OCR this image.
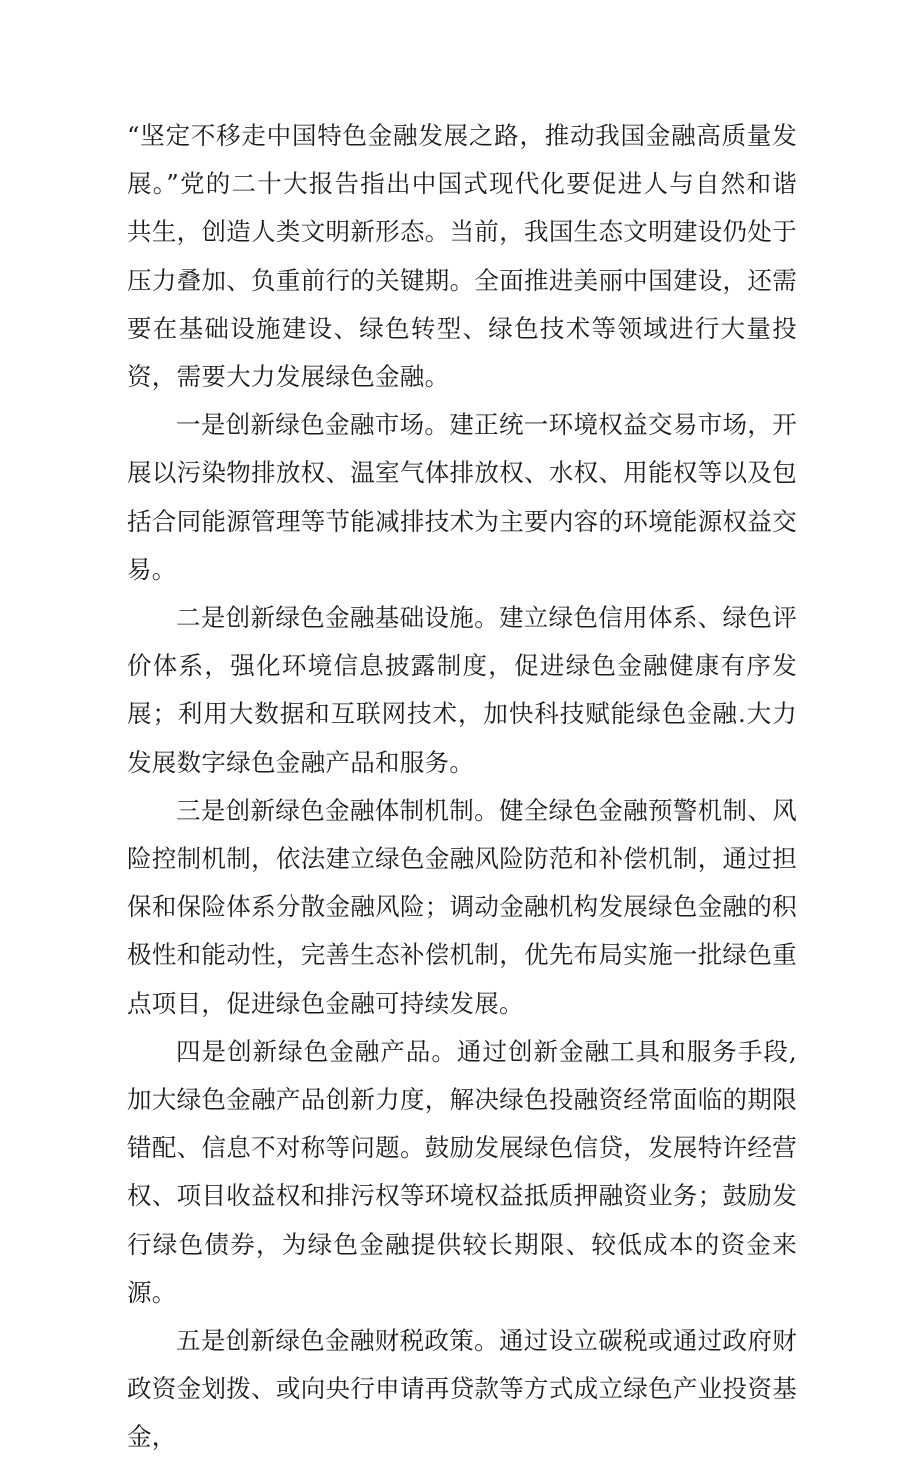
“坚定不移走中国特色金融发展之路，推动我国金融高质量发展。”党的二十大报告指出中国式现代化要促进人与自然和谐共生，创造人类文明新形态。当前，我国生态文明建设仍处于压力叠加、负重前行的关键期。全面推进美丽中国建设，还需要在基础设施建设、绿色转型、绿色技术等领域进行大量投资，需要大力发展绿色金融。

一是创新绿色金融市场。建正统一环境权益交易市场，开展以污染物排放权、温室气体排放权、水权、用能权等以及包括合同能源管理等节能减排技术为主要内容的环境能源权益交易。

二是创新绿色金融基础设施。建立绿色信用体系、绿色评价体系，强化环境信息披露制度，促进绿色金融健康有序发展；利用大数据和互联网技术，加快科技赋能绿色金融.大力发展数字绿色金融产品和服务。

三是创新绿色金融体制机制。健全绿色金融预警机制、风险控制机制，依法建立绿色金融风险防范和补偿机制，通过担保和保险体系分散金融风险；调动金融机构发展绿色金融的积极性和能动性，完善生态补偿机制，优先布局实施一批绿色重点项目，促进绿色金融可持续发展。

四是创新绿色金融产品。通过创新金融工具和服务手段,加大绿色金融产品创新力度，解决绿色投融资经常面临的期限错配、信息不对称等问题。鼓励发展绿色信贷，发展特许经营权、项目收益权和排污权等环境权益抵质押融资业务；鼓励发行绿色债券，为绿色金融提供较长期限、较低成本的资金来源。

五是创新绿色金融财税政策。通过设立碳税或通过政府财政资金划拨、或向央行申请再贷款等方式成立绿色产业投资基金，
